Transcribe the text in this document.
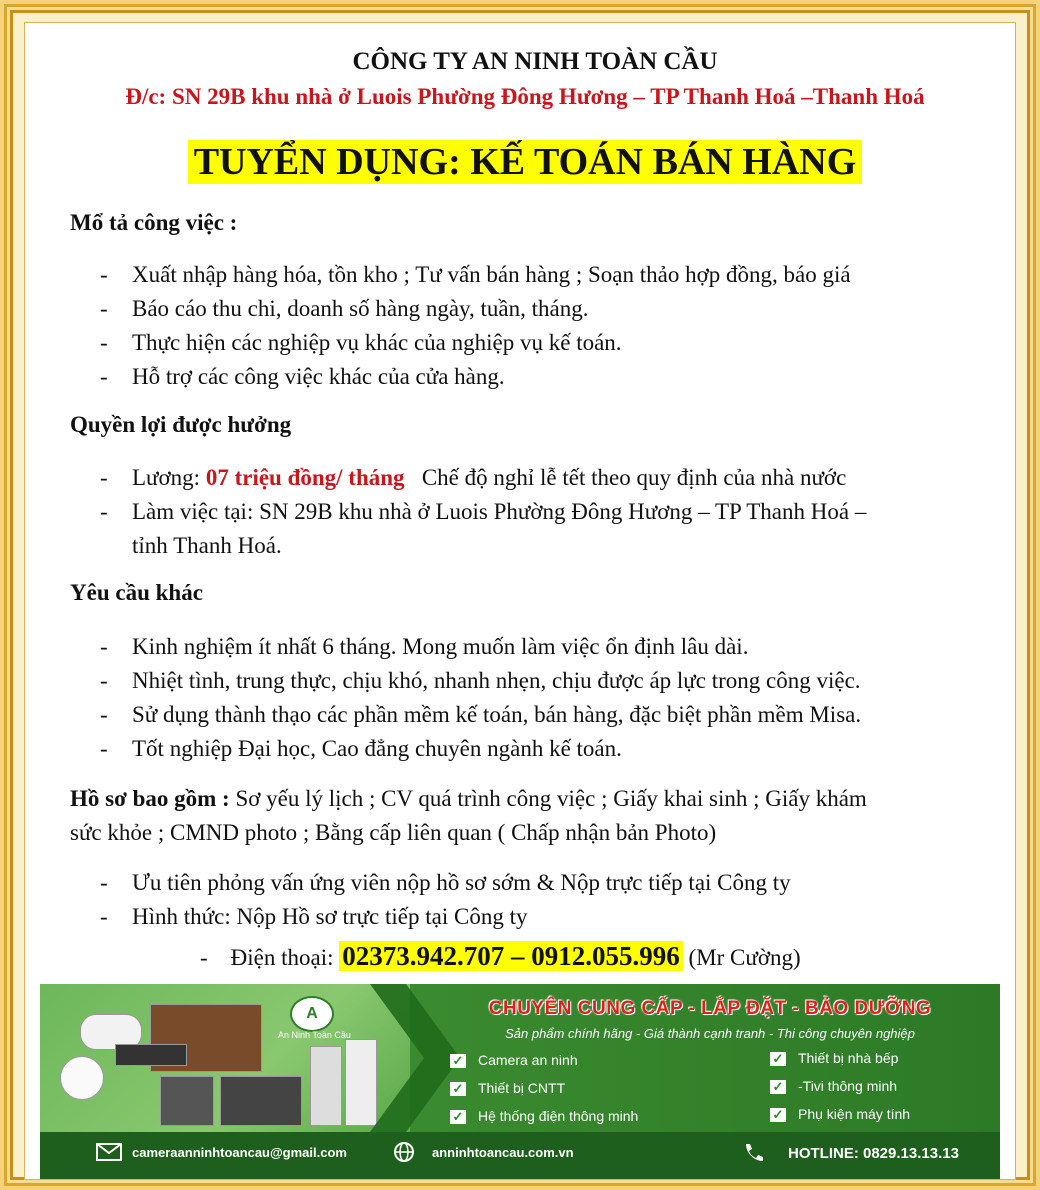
CÔNG TY AN NINH TOÀN CẦU
Đ/c: SN 29B khu nhà ở Luois Phường Đông Hương – TP Thanh Hoá –Thanh Hoá
TUYỂN DỤNG: KẾ TOÁN BÁN HÀNG
Mổ tả công việc :
- Xuất nhập hàng hóa, tồn kho ; Tư vấn bán hàng ; Soạn thảo hợp đồng, báo giá
- Báo cáo thu chi, doanh số hàng ngày, tuần, tháng.
- Thực hiện các nghiệp vụ khác của nghiệp vụ kế toán.
- Hỗ trợ các công việc khác của cửa hàng.
Quyền lợi được hưởng
- Lương: 07 triệu đồng/ tháng Chế độ nghỉ lễ tết theo quy định của nhà nước
- Làm việc tại: SN 29B khu nhà ở Luois Phường Đông Hương – TP Thanh Hoá –
tỉnh Thanh Hoá.
Yêu cầu khác
- Kinh nghiệm ít nhất 6 tháng. Mong muốn làm việc ổn định lâu dài.
- Nhiệt tình, trung thực, chịu khó, nhanh nhẹn, chịu được áp lực trong công việc.
- Sử dụng thành thạo các phần mềm kế toán, bán hàng, đặc biệt phần mềm Misa.
- Tốt nghiệp Đại học, Cao đẳng chuyên ngành kế toán.
Hồ sơ bao gồm : Sơ yếu lý lịch ; CV quá trình công việc ; Giấy khai sinh ; Giấy khám
sức khỏe ; CMND photo ; Bằng cấp liên quan ( Chấp nhận bản Photo)
- Ưu tiên phỏng vấn ứng viên nộp hồ sơ sớm & Nộp trực tiếp tại Công ty
- Hình thức: Nộp Hồ sơ trực tiếp tại Công ty
-    Điện thoại: 02373.942.707 – 0912.055.996 (Mr Cường)
A
An Ninh Toàn Cầu
CHUYÊN CUNG CẤP - LẮP ĐẶT - BẢO DƯỠNG
Sản phẩm chính hãng - Giá thành cạnh tranh - Thi công chuyên nghiệp
✓ Camera an ninh
✓ Thiết bị CNTT
✓ Hệ thống điện thông minh
✓ Thiết bị nhà bếp
✓ -Tivi thông minh
✓ Phụ kiện máy tính
cameraanninhtoancau@gmail.com	anninhtoancau.com.vn	HOTLINE: 0829.13.13.13
